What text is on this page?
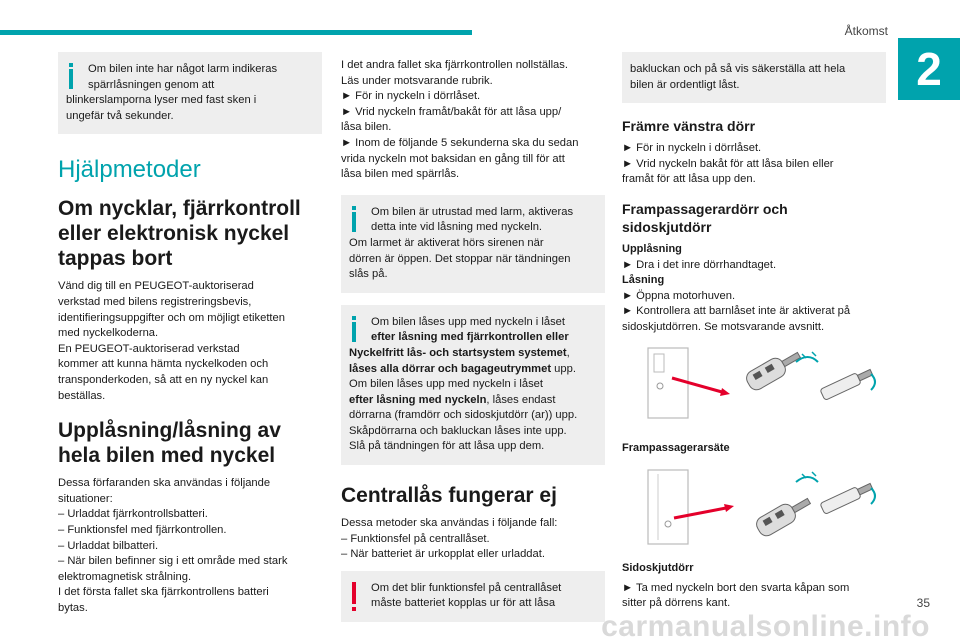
Åtkomst
2

Om bilen inte har något larm indikeras

spärrlåsningen genom att

blinkerslamporna lyser med fast sken i

ungefär två sekunder.

Hjälpmetoder
Om nycklar, fjärrkontroll eller elektronisk nyckel tappas bort

Vänd dig till en PEUGEOT-auktoriserad

verkstad med bilens registreringsbevis,

identifieringsuppgifter och om möjligt etiketten

med nyckelkoderna.

En PEUGEOT-auktoriserad verkstad

kommer att kunna hämta nyckelkoden och

transponderkoden, så att en ny nyckel kan

beställas.

Upplåsning/låsning av hela bilen med nyckel

Dessa förfaranden ska användas i följande

situationer:

– Urladdat fjärrkontrollsbatteri.

– Funktionsfel med fjärrkontrollen.

– Urladdat bilbatteri.

– När bilen befinner sig i ett område med stark

elektromagnetisk strålning.

I det första fallet ska fjärrkontrollens batteri

bytas.

I det andra fallet ska fjärrkontrollen nollställas.

Läs under motsvarande rubrik.

► För in nyckeln i dörrlåset.

► Vrid nyckeln framåt/bakåt för att låsa upp/

låsa bilen.

► Inom de följande 5 sekunderna ska du sedan

vrida nyckeln mot baksidan en gång till för att

låsa bilen med spärrlås.

Om bilen är utrustad med larm, aktiveras

detta inte vid låsning med nyckeln.

Om larmet är aktiverat hörs sirenen när

dörren är öppen. Det stoppar när tändningen

slås på.

Om bilen låses upp med nyckeln i låset

efter låsning med fjärrkontrollen eller

Nyckelfritt lås- och startsystem systemet,

låses alla dörrar och bagageutrymmet upp.

Om bilen låses upp med nyckeln i låset

efter låsning med nyckeln, låses endast

dörrarna (framdörr och sidoskjutdörr (ar)) upp.

Skåpdörrarna och bakluckan låses inte upp.

Slå på tändningen för att låsa upp dem.

Centrallås fungerar ej

Dessa metoder ska användas i följande fall:

– Funktionsfel på centrallåset.

– När batteriet är urkopplat eller urladdat.

Om det blir funktionsfel på centrallåset

måste batteriet kopplas ur för att låsa

bakluckan och på så vis säkerställa att hela

bilen är ordentligt låst.

Främre vänstra dörr

► För in nyckeln i dörrlåset.

► Vrid nyckeln bakåt för att låsa bilen eller

framåt för att låsa upp den.

Frampassagerardörr och sidoskjutdörr

Upplåsning

► Dra i det inre dörrhandtaget.

Låsning

► Öppna motorhuven.

► Kontrollera att barnlåset inte är aktiverat på

sidoskjutdörren. Se motsvarande avsnitt.

Frampassagerarsäte

Sidoskjutdörr

► Ta med nyckeln bort den svarta kåpan som

sitter på dörrens kant.

carmanualsonline.info
35
